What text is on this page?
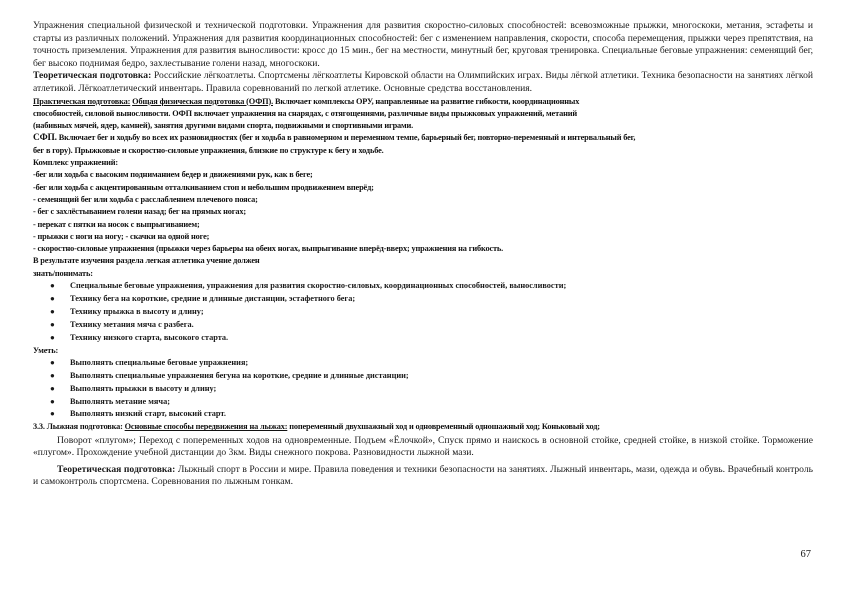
Упражнения специальной физической и технической подготовки. Упражнения для развития скоростно-силовых способностей: всевозможные прыжки, многоскоки, метания, эстафеты и старты из различных положений. Упражнения для развития координационных способностей: бег с изменением направления, скорости, способа перемещения, прыжки через препятствия, на точность приземления. Упражнения для развития выносливости: кросс до 15 мин., бег на местности, минутный бег, круговая тренировка. Специальные беговые упражнения: семенящий бег, бег высоко поднимая бедро, захлестывание голени назад, многоскоки.

Теоретическая подготовка: Российские лёгкоатлеты. Спортсмены лёгкоатлеты Кировской области на Олимпийских играх. Виды лёгкой атлетики. Техника безопасности на занятиях лёгкой атлетикой. Лёгкоатлетический инвентарь. Правила соревнований по легкой атлетике. Основные средства восстановления.

Практическая подготовка: Общая физическая подготовка (ОФП). Включает комплексы ОРУ, направленные на развитие гибкости, координационных

способностей, силовой выносливости. ОФП включает упражнения на снарядах, с отягощениями, различные виды прыжковых упражнений, метаний

(набивных мячей, ядер, камней), занятия другими видами спорта, подвижными и спортивными играми.

СФП. Включает бег и ходьбу во всех их разновидностях (бег и ходьба в равномерном и переменном темпе, барьерный бег, повторно-переменный и интервальный бег,

бег в гору). Прыжковые и скоростно-силовые упражнения, близкие по структуре к бегу и ходьбе.

Комплекс упражнений:

-бег или ходьба с высоким подниманием бедер и движениями рук, как в беге;

-бег или ходьба с акцентированным отталкиванием стоп и небольшим продвижением вперёд;

- семенящий бег или ходьба с расслаблением плечевого пояса;

- бег с захлёстыванием голени назад; бег на прямых ногах;

- перекат с пятки на носок с выпрыгиванием;

- прыжки с ноги на ногу; - скачки на одной ноге;

- скоростно-силовые упражнения (прыжки через барьеры на обеих ногах, выпрыгивание вперёд-вверх; упражнения на гибкость.

В результате изучения раздела легкая атлетика учение должен

знать/понимать:

● Специальные беговые упражнения, упражнения для развития скоростно-силовых, координационных способностей, выносливости;
● Технику бега на короткие, средние и длинные дистанции, эстафетного бега;
● Технику прыжка в высоту и длину;
● Технику метания мяча с разбега.
● Технику низкого старта, высокого старта.

Уметь:

● Выполнять специальные беговые упражнения;
● Выполнять специальные упражнения бегуна на короткие, средние и длинные дистанции;
● Выполнять прыжки в высоту и длину;
● Выполнять метание мяча;
● Выполнять низкий старт, высокий старт.

3.3. Лыжная подготовка: Основные способы передвижения на лыжах: попеременный двухшажный ход и одновременный одношажный ход; Коньковый ход;

Поворот «плугом»; Переход с попеременных ходов на одновременные. Подъем «Ёлочкой», Спуск прямо и наискось в основной стойке, средней стойке, в низкой стойке. Торможение «плугом». Прохождение учебной дистанции до 3км. Виды снежного покрова. Разновидности лыжной мази.

Теоретическая подготовка: Лыжный спорт в России и мире. Правила поведения и техники безопасности на занятиях. Лыжный инвентарь, мази, одежда и обувь. Врачебный контроль и самоконтроль спортсмена. Соревнования по лыжным гонкам.

67
